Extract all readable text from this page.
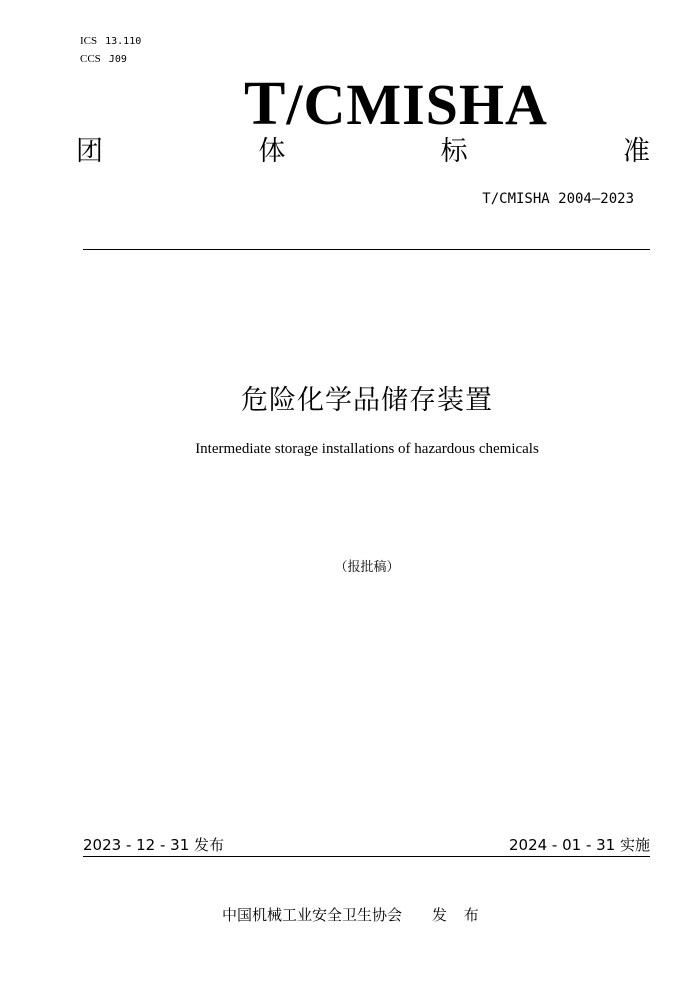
ICS 13.110
CCS J09
T/CMISHA
团	体	标	准
T/CMISHA 2004—2023
危险化学品储存装置
Intermediate storage installations of hazardous chemicals
（报批稿）
2023 - 12 - 31 发布	2024 - 01 - 31 实施
中国机械工业安全卫生协会 发 布
